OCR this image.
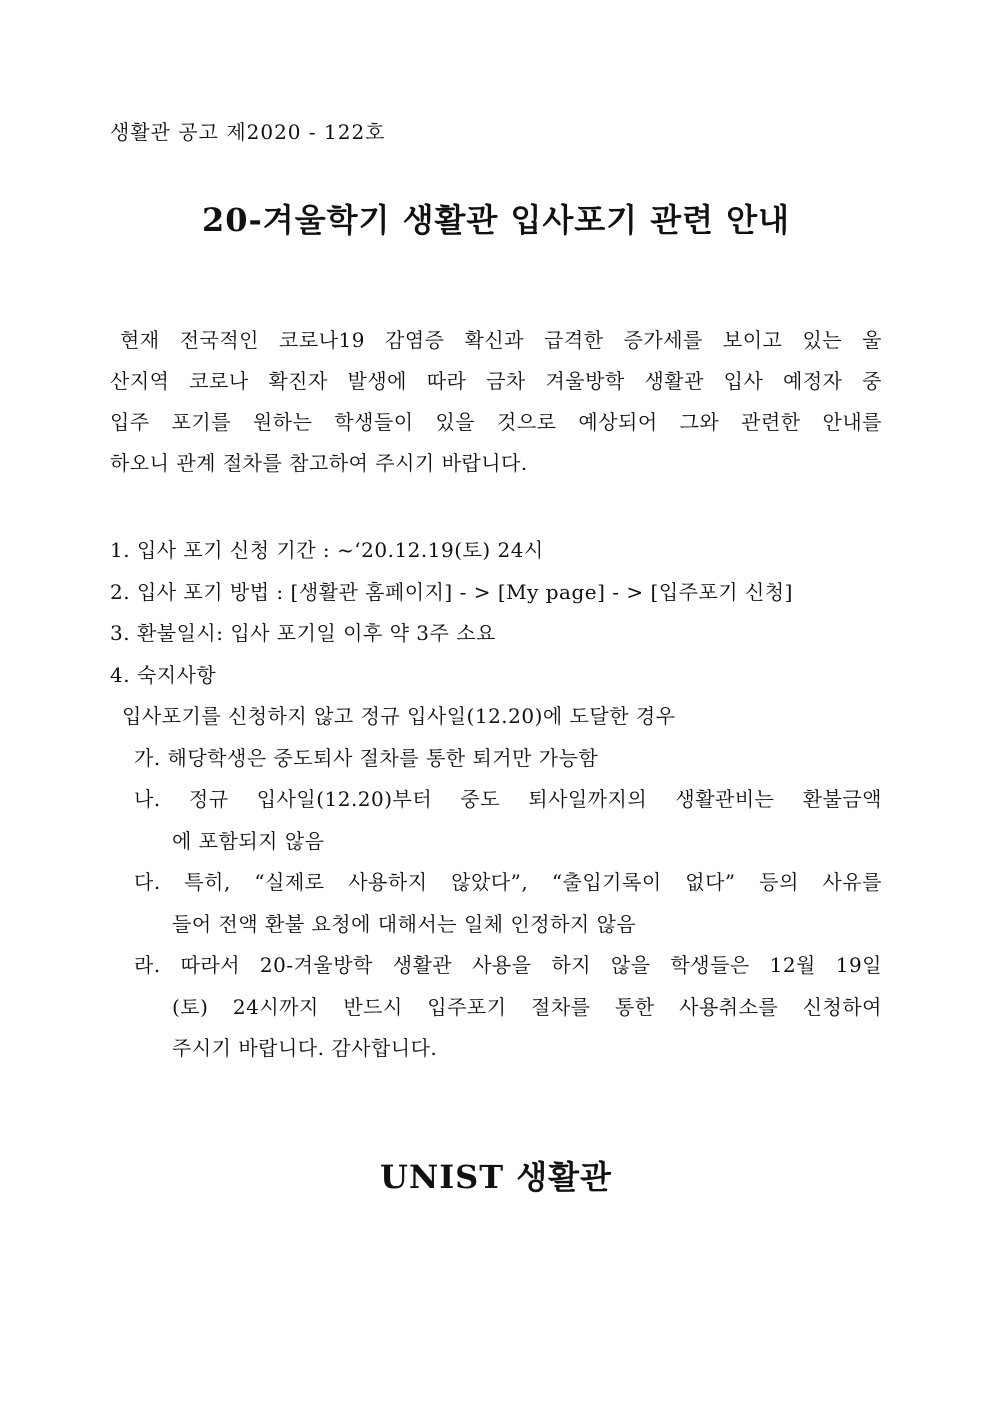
생활관 공고 제2020 - 122호
20-겨울학기 생활관 입사포기 관련 안내
현재 전국적인 코로나19 감염증 확신과 급격한 증가세를 보이고 있는 울
산지역 코로나 확진자 발생에 따라 금차 겨울방학 생활관 입사 예정자 중
입주 포기를 원하는 학생들이 있을 것으로 예상되어 그와 관련한 안내를
하오니 관계 절차를 참고하여 주시기 바랍니다.
1. 입사 포기 신청 기간 : ~‘20.12.19(토) 24시
2. 입사 포기 방법 : [생활관 홈페이지] - > [My page] - > [입주포기 신청]
3. 환불일시: 입사 포기일 이후 약 3주 소요
4. 숙지사항
입사포기를 신청하지 않고 정규 입사일(12.20)에 도달한 경우
가. 해당학생은 중도퇴사 절차를 통한 퇴거만 가능함
나. 정규 입사일(12.20)부터 중도 퇴사일까지의 생활관비는 환불금액
에 포함되지 않음
다. 특히, “실제로 사용하지 않았다”, “출입기록이 없다” 등의 사유를
들어 전액 환불 요청에 대해서는 일체 인정하지 않음
라. 따라서 20-겨울방학 생활관 사용을 하지 않을 학생들은 12월 19일
(토) 24시까지 반드시 입주포기 절차를 통한 사용취소를 신청하여
주시기 바랍니다. 감사합니다.
UNIST 생활관
